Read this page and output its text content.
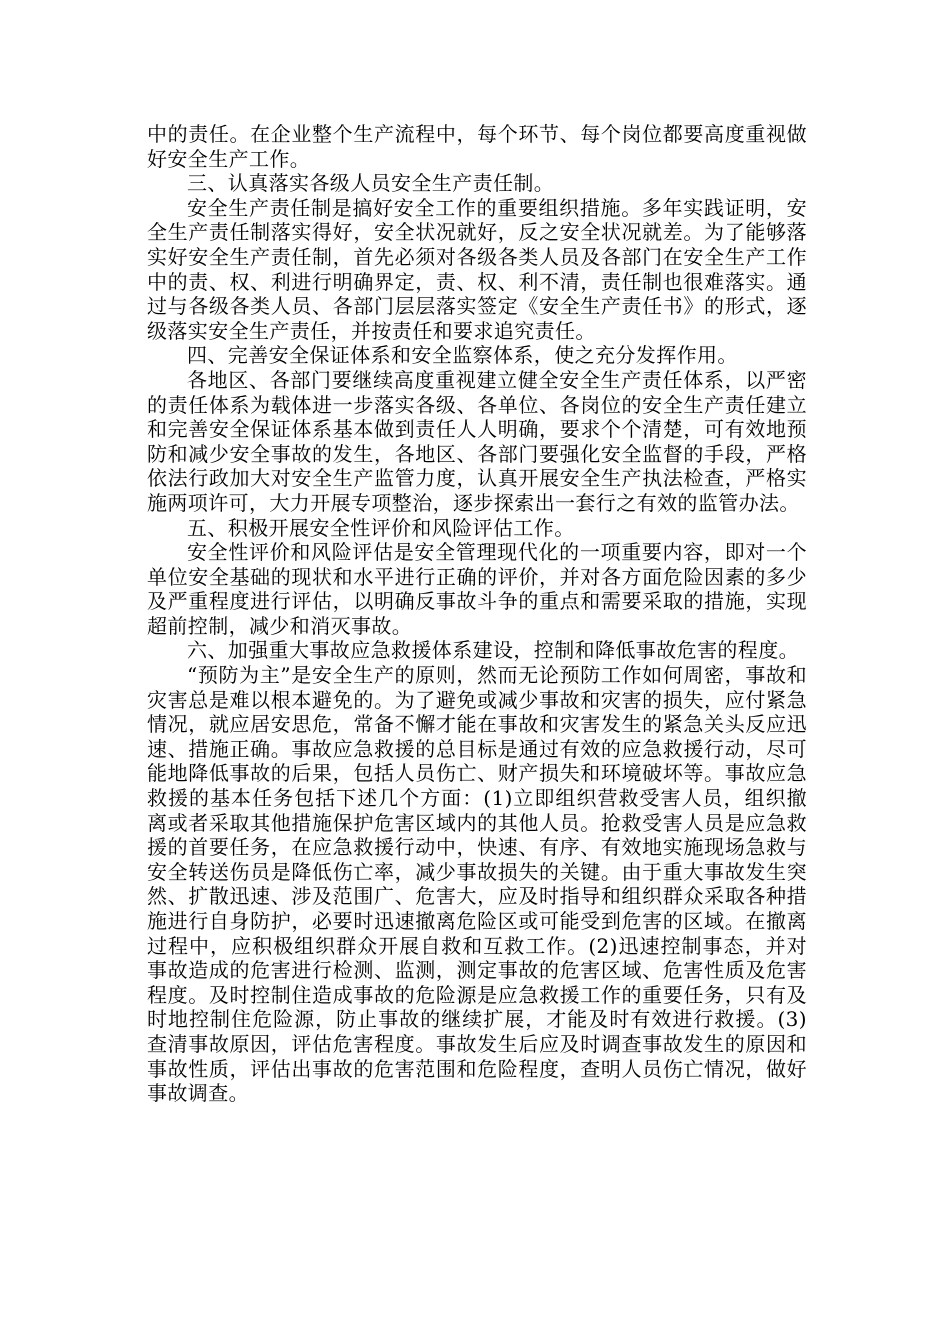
中的责任。在企业整个生产流程中，每个环节、每个岗位都要高度重视做好安全生产工作。

三、认真落实各级人员安全生产责任制。

安全生产责任制是搞好安全工作的重要组织措施。多年实践证明，安全生产责任制落实得好，安全状况就好，反之安全状况就差。为了能够落实好安全生产责任制，首先必须对各级各类人员及各部门在安全生产工作中的责、权、利进行明确界定，责、权、利不清，责任制也很难落实。通过与各级各类人员、各部门层层落实签定《安全生产责任书》的形式，逐级落实安全生产责任，并按责任和要求追究责任。

四、完善安全保证体系和安全监察体系，使之充分发挥作用。

各地区、各部门要继续高度重视建立健全安全生产责任体系，以严密的责任体系为载体进一步落实各级、各单位、各岗位的安全生产责任建立和完善安全保证体系基本做到责任人人明确，要求个个清楚，可有效地预防和减少安全事故的发生，各地区、各部门要强化安全监督的手段，严格依法行政加大对安全生产监管力度，认真开展安全生产执法检查，严格实施两项许可，大力开展专项整治，逐步探索出一套行之有效的监管办法。

五、积极开展安全性评价和风险评估工作。

安全性评价和风险评估是安全管理现代化的一项重要内容，即对一个单位安全基础的现状和水平进行正确的评价，并对各方面危险因素的多少及严重程度进行评估，以明确反事故斗争的重点和需要采取的措施，实现超前控制，减少和消灭事故。

六、加强重大事故应急救援体系建设，控制和降低事故危害的程度。

“预防为主”是安全生产的原则，然而无论预防工作如何周密，事故和灾害总是难以根本避免的。为了避免或减少事故和灾害的损失，应付紧急情况，就应居安思危，常备不懈才能在事故和灾害发生的紧急关头反应迅速、措施正确。事故应急救援的总目标是通过有效的应急救援行动，尽可能地降低事故的后果，包括人员伤亡、财产损失和环境破坏等。事故应急救援的基本任务包括下述几个方面：(1)立即组织营救受害人员，组织撤离或者采取其他措施保护危害区域内的其他人员。抢救受害人员是应急救援的首要任务，在应急救援行动中，快速、有序、有效地实施现场急救与安全转送伤员是降低伤亡率，减少事故损失的关键。由于重大事故发生突然、扩散迅速、涉及范围广、危害大，应及时指导和组织群众采取各种措施进行自身防护，必要时迅速撤离危险区或可能受到危害的区域。在撤离过程中，应积极组织群众开展自救和互救工作。(2)迅速控制事态，并对事故造成的危害进行检测、监测，测定事故的危害区域、危害性质及危害程度。及时控制住造成事故的危险源是应急救援工作的重要任务，只有及时地控制住危险源，防止事故的继续扩展，才能及时有效进行救援。(3)查清事故原因，评估危害程度。事故发生后应及时调查事故发生的原因和事故性质，评估出事故的危害范围和危险程度，查明人员伤亡情况，做好事故调查。
